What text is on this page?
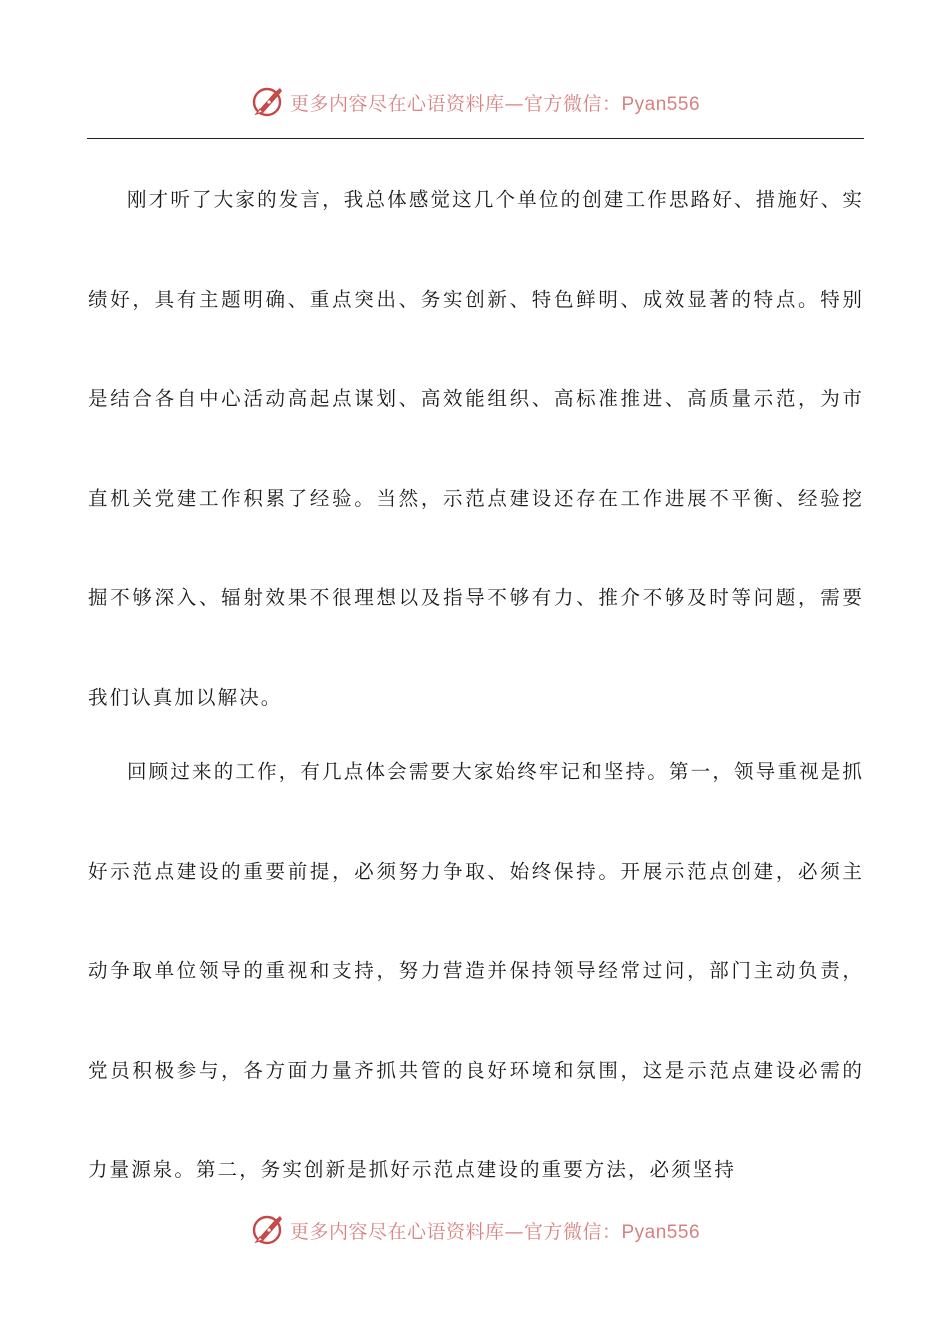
更多内容尽在心语资料库—官方微信：Pyan556

刚才听了大家的发言，我总体感觉这几个单位的创建工作思路好、措施好、实绩好，具有主题明确、重点突出、务实创新、特色鲜明、成效显著的特点。特别是结合各自中心活动高起点谋划、高效能组织、高标准推进、高质量示范，为市直机关党建工作积累了经验。当然，示范点建设还存在工作进展不平衡、经验挖掘不够深入、辐射效果不很理想以及指导不够有力、推介不够及时等问题，需要我们认真加以解决。

回顾过来的工作，有几点体会需要大家始终牢记和坚持。第一，领导重视是抓好示范点建设的重要前提，必须努力争取、始终保持。开展示范点创建，必须主动争取单位领导的重视和支持，努力营造并保持领导经常过问，部门主动负责，党员积极参与，各方面力量齐抓共管的良好环境和氛围，这是示范点建设必需的力量源泉。第二，务实创新是抓好示范点建设的重要方法，必须坚持

更多内容尽在心语资料库—官方微信：Pyan556
